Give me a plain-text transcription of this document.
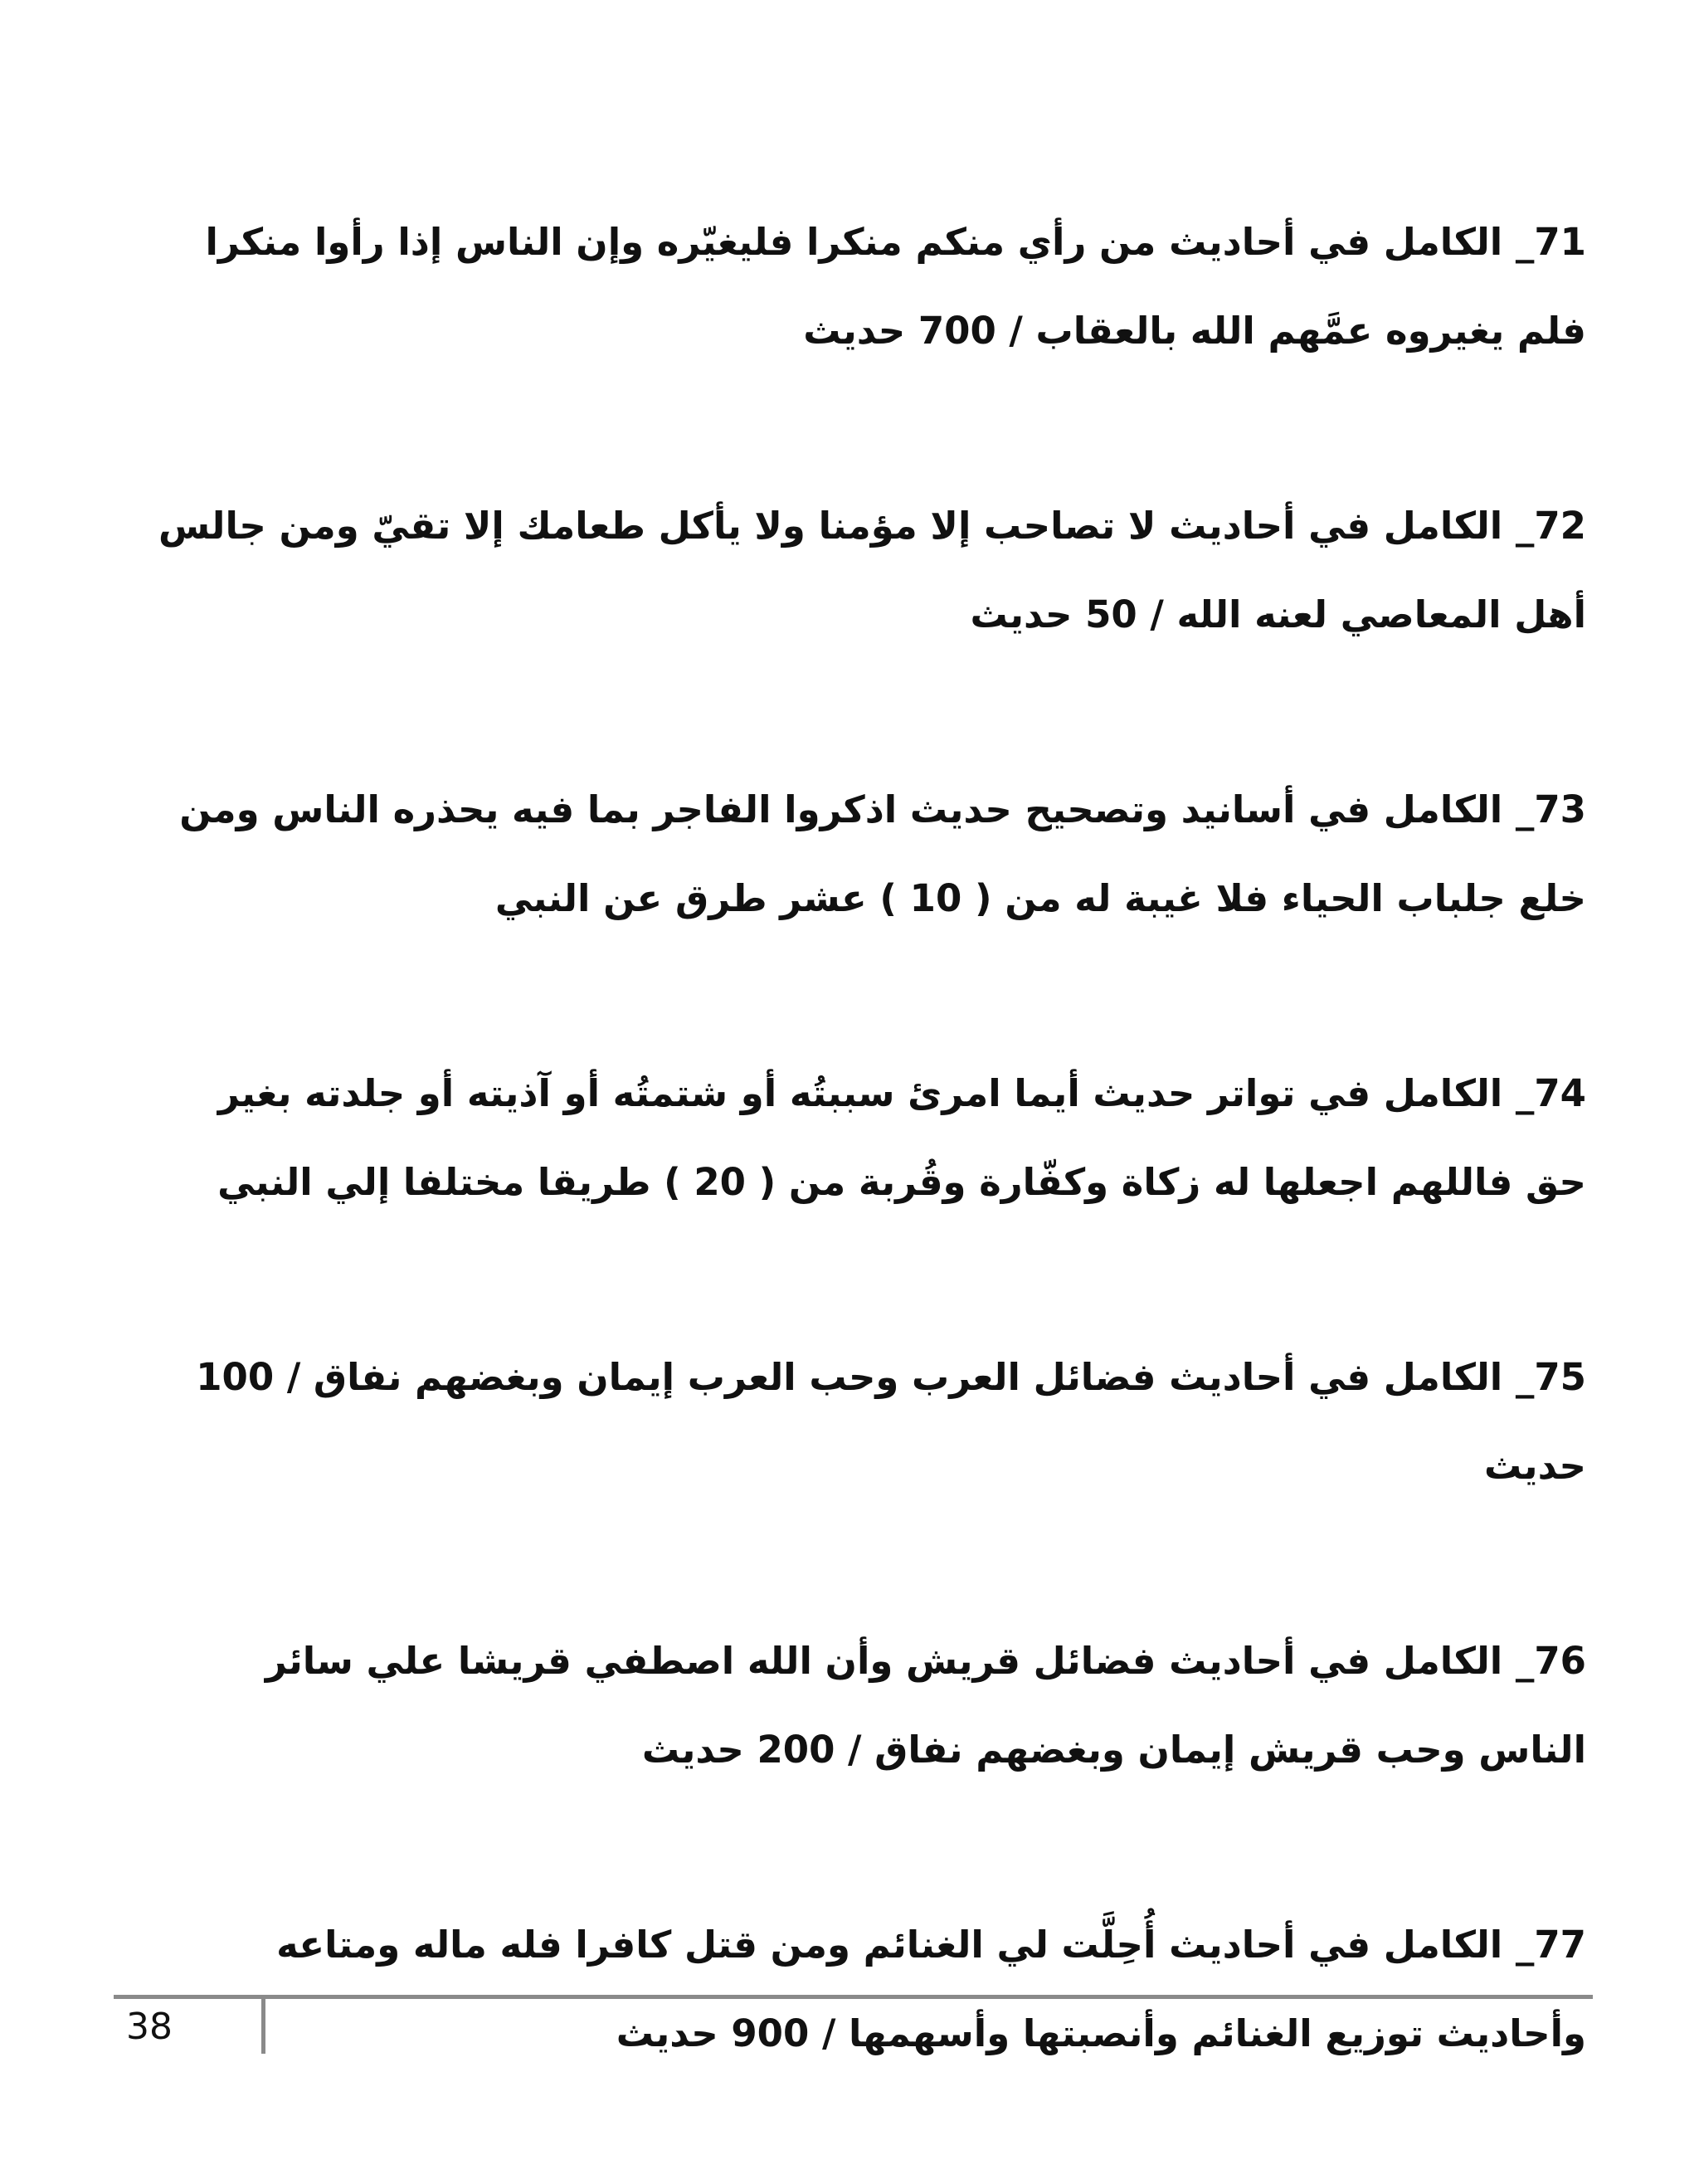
71_ الكامل في أحاديث من رأي منكم منكرا فليغيّره وإن الناس إذا رأوا منكرا فلم يغيروه عمَّهم الله بالعقاب / 700 حديث

72_ الكامل في أحاديث لا تصاحب إلا مؤمنا ولا يأكل طعامك إلا تقيّ ومن جالس أهل المعاصي لعنه الله / 50 حديث

73_ الكامل في أسانيد وتصحيح حديث اذكروا الفاجر بما فيه يحذره الناس ومن خلع جلباب الحياء فلا غيبة له من ( 10 ) عشر طرق عن النبي

74_ الكامل في تواتر حديث أيما امرئ سببتُه أو شتمتُه أو آذيته أو جلدته بغير حق فاللهم اجعلها له زكاة وكفّارة وقُربة من ( 20 ) طريقا مختلفا إلي النبي

75_ الكامل في أحاديث فضائل العرب وحب العرب إيمان وبغضهم نفاق / 100 حديث

76_ الكامل في أحاديث فضائل قريش وأن الله اصطفي قريشا علي سائر الناس وحب قريش إيمان وبغضهم نفاق / 200 حديث

77_ الكامل في أحاديث أُحِلَّت لي الغنائم ومن قتل كافرا فله ماله ومتاعه وأحاديث توزيع الغنائم وأنصبتها وأسهمها / 900 حديث

38
